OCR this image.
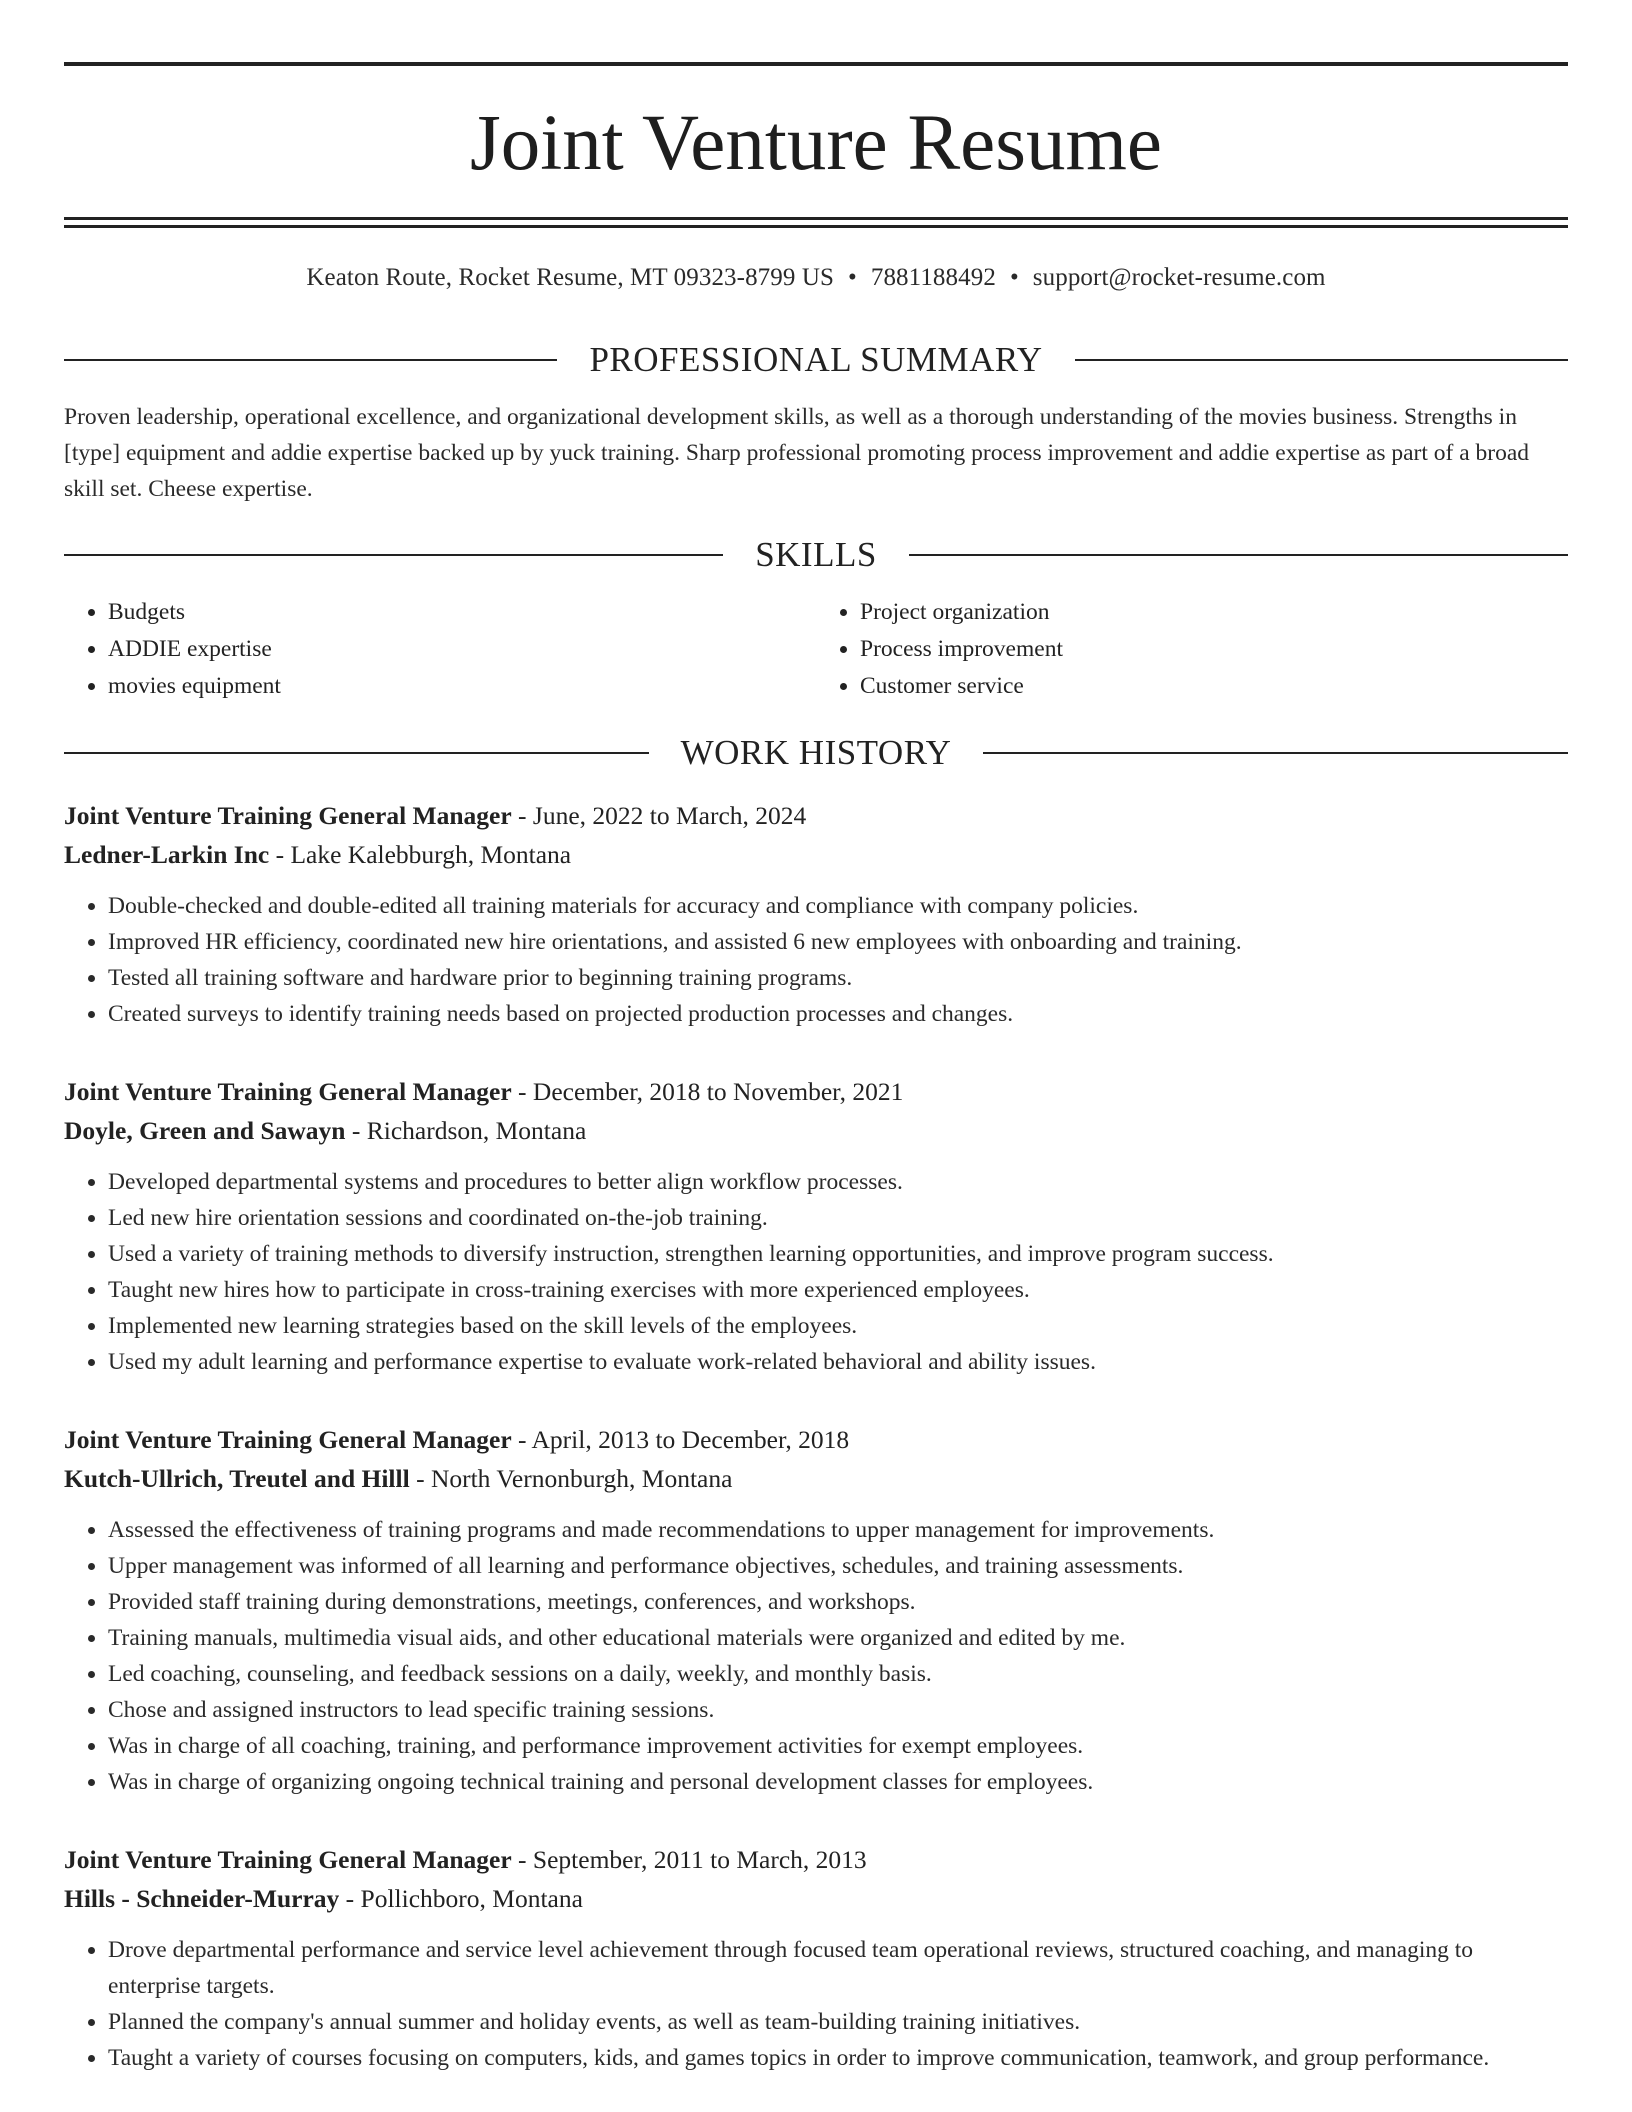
Joint Venture Resume
Keaton Route, Rocket Resume, MT 09323-8799 US • 7881188492 • support@rocket-resume.com
PROFESSIONAL SUMMARY

Proven leadership, operational excellence, and organizational development skills, as well as a thorough understanding of the movies business. Strengths in [type] equipment and addie expertise backed up by yuck training. Sharp professional promoting process improvement and addie expertise as part of a broad skill set. Cheese expertise.

SKILLS
• Budgets
• ADDIE expertise
• movies equipment
• Project organization
• Process improvement
• Customer service
WORK HISTORY
Joint Venture Training General Manager - June, 2022 to March, 2024
Ledner-Larkin Inc - Lake Kalebburgh, Montana
• Double-checked and double-edited all training materials for accuracy and compliance with company policies.
• Improved HR efficiency, coordinated new hire orientations, and assisted 6 new employees with onboarding and training.
• Tested all training software and hardware prior to beginning training programs.
• Created surveys to identify training needs based on projected production processes and changes.
Joint Venture Training General Manager - December, 2018 to November, 2021
Doyle, Green and Sawayn - Richardson, Montana
• Developed departmental systems and procedures to better align workflow processes.
• Led new hire orientation sessions and coordinated on-the-job training.
• Used a variety of training methods to diversify instruction, strengthen learning opportunities, and improve program success.
• Taught new hires how to participate in cross-training exercises with more experienced employees.
• Implemented new learning strategies based on the skill levels of the employees.
• Used my adult learning and performance expertise to evaluate work-related behavioral and ability issues.
Joint Venture Training General Manager - April, 2013 to December, 2018
Kutch-Ullrich, Treutel and Hilll - North Vernonburgh, Montana
• Assessed the effectiveness of training programs and made recommendations to upper management for improvements.
• Upper management was informed of all learning and performance objectives, schedules, and training assessments.
• Provided staff training during demonstrations, meetings, conferences, and workshops.
• Training manuals, multimedia visual aids, and other educational materials were organized and edited by me.
• Led coaching, counseling, and feedback sessions on a daily, weekly, and monthly basis.
• Chose and assigned instructors to lead specific training sessions.
• Was in charge of all coaching, training, and performance improvement activities for exempt employees.
• Was in charge of organizing ongoing technical training and personal development classes for employees.
Joint Venture Training General Manager - September, 2011 to March, 2013
Hills - Schneider-Murray - Pollichboro, Montana
• Drove departmental performance and service level achievement through focused team operational reviews, structured coaching, and managing to enterprise targets.
• Planned the company's annual summer and holiday events, as well as team-building training initiatives.
• Taught a variety of courses focusing on computers, kids, and games topics in order to improve communication, teamwork, and group performance.
